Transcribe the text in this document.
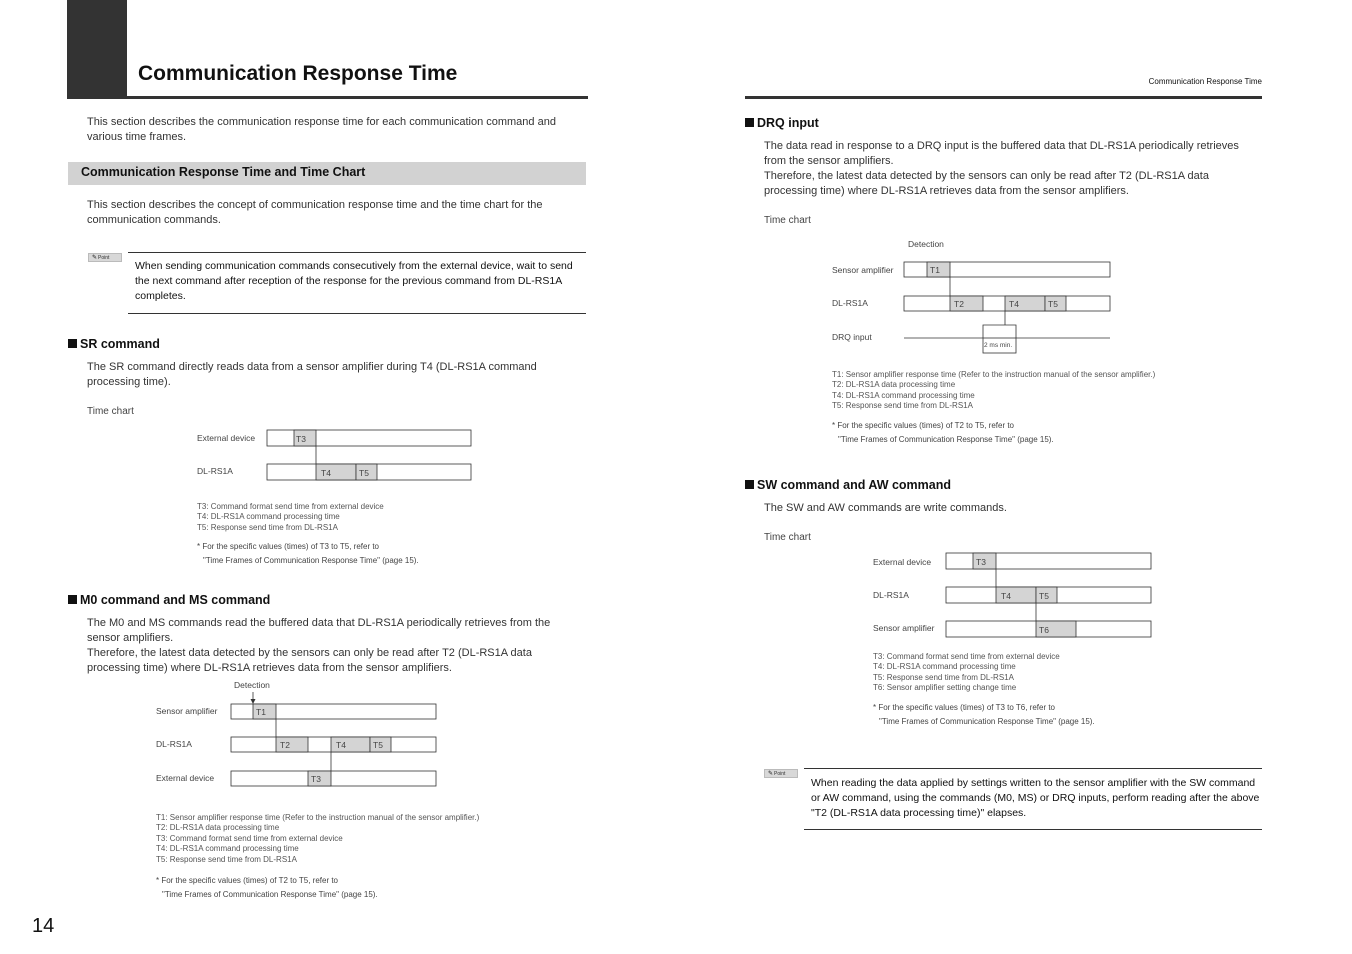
Communication Response Time	Communication Response Time
This section describes the communication response time for each communication command and various time frames.
Communication Response Time and Time Chart
This section describes the concept of communication response time and the time chart for the communication commands.
✎Point
When sending communication commands consecutively from the external device, wait to send the next command after reception of the response for the previous command from DL-RS1A completes.
SR command
The SR command directly reads data from a sensor amplifier during T4 (DL-RS1A command processing time).
Time chart
External device
DL-RS1A
T3
T4	T5
T3: Command format send time from external device
T4: DL-RS1A command processing time
T5: Response send time from DL-RS1A
* For the specific values (times) of T3 to T5, refer to
"Time Frames of Communication Response Time" (page 15).
M0 command and MS command
The M0 and MS commands read the buffered data that DL-RS1A periodically retrieves from the sensor amplifiers.
Therefore, the latest data detected by the sensors can only be read after T2 (DL-RS1A data processing time) where DL-RS1A retrieves data from the sensor amplifiers.
Detection
Sensor amplifier
DL-RS1A
External device
T1
T2	T4	T5
T3
T1: Sensor amplifier response time (Refer to the instruction manual of the sensor amplifier.)
T2: DL-RS1A data processing time
T3: Command format send time from external device
T4: DL-RS1A command processing time
T5: Response send time from DL-RS1A
* For the specific values (times) of T2 to T5, refer to
"Time Frames of Communication Response Time" (page 15).
14
DRQ input
The data read in response to a DRQ input is the buffered data that DL-RS1A periodically retrieves from the sensor amplifiers.
Therefore, the latest data detected by the sensors can only be read after T2 (DL-RS1A data processing time) where DL-RS1A retrieves data from the sensor amplifiers.
Time chart
Detection
Sensor amplifier
DL-RS1A
DRQ input
T1
T2	T4	T5
2 ms min.
T1: Sensor amplifier response time (Refer to the instruction manual of the sensor amplifier.)
T2: DL-RS1A data processing time
T4: DL-RS1A command processing time
T5: Response send time from DL-RS1A
* For the specific values (times) of T2 to T5, refer to
"Time Frames of Communication Response Time" (page 15).
SW command and AW command
The SW and AW commands are write commands.
Time chart
External device
DL-RS1A
Sensor amplifier
T3
T4	T5
T6
T3: Command format send time from external device
T4: DL-RS1A command processing time
T5: Response send time from DL-RS1A
T6: Sensor amplifier setting change time
* For the specific values (times) of T3 to T6, refer to
"Time Frames of Communication Response Time" (page 15).
✎Point
When reading the data applied by settings written to the sensor amplifier with the SW command or AW command, using the commands (M0, MS) or DRQ inputs, perform reading after the above "T2 (DL-RS1A data processing time)" elapses.
